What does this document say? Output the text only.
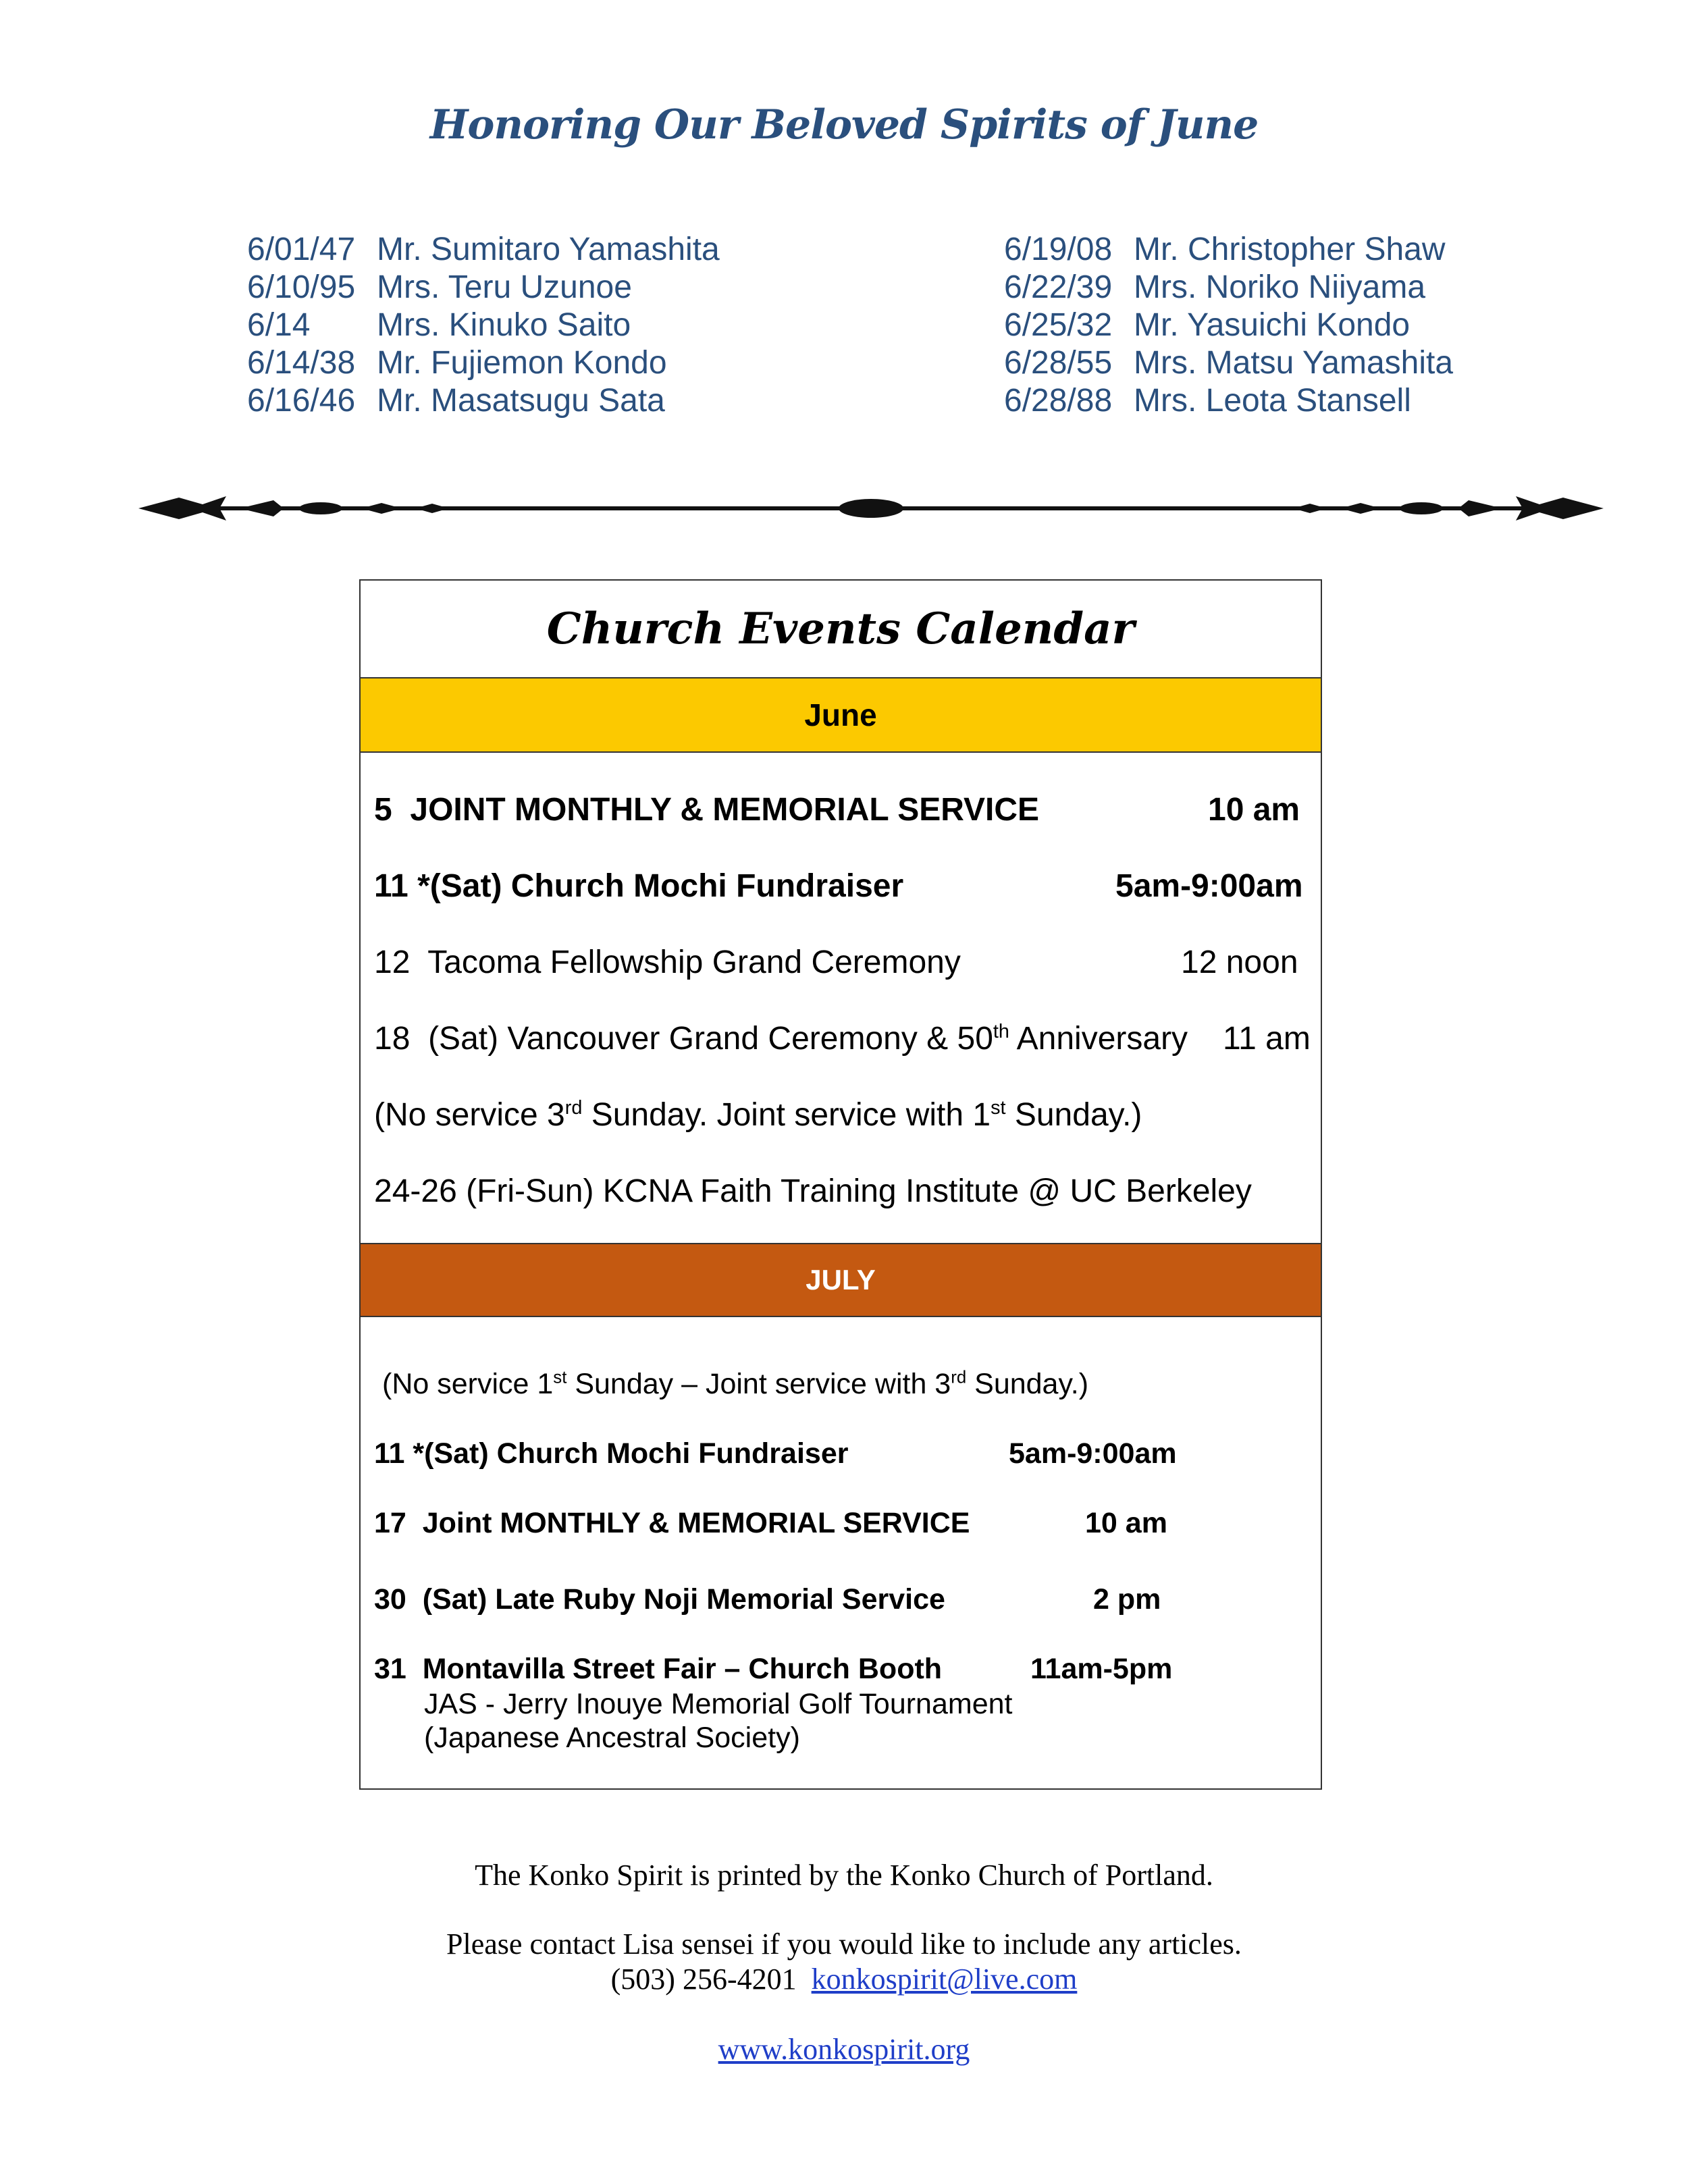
Honoring Our Beloved Spirits of June
6/01/47 Mr. Sumitaro Yamashita
6/10/95 Mrs. Teru Uzunoe
6/14	Mrs. Kinuko Saito
6/14/38 Mr. Fujiemon Kondo
6/16/46 Mr. Masatsugu Sata
6/19/08 Mr. Christopher Shaw
6/22/39 Mrs. Noriko Niiyama
6/25/32 Mr. Yasuichi Kondo
6/28/55 Mrs. Matsu Yamashita
6/28/88 Mrs. Leota Stansell
Church Events Calendar
June
5  JOINT MONTHLY & MEMORIAL SERVICE	10 am
11 *(Sat) Church Mochi Fundraiser	5am-9:00am
12  Tacoma Fellowship Grand Ceremony	12 noon
18  (Sat) Vancouver Grand Ceremony & 50th Anniversary 11 am
(No service 3rd Sunday. Joint service with 1st Sunday.)
24-26 (Fri-Sun) KCNA Faith Training Institute @ UC Berkeley
JULY
(No service 1st Sunday – Joint service with 3rd Sunday.)
11 *(Sat) Church Mochi Fundraiser	5am-9:00am
17  Joint MONTHLY & MEMORIAL SERVICE	10 am
30  (Sat) Late Ruby Noji Memorial Service	2 pm
31  Montavilla Street Fair – Church Booth	11am-5pm
JAS - Jerry Inouye Memorial Golf Tournament
(Japanese Ancestral Society)
The Konko Spirit is printed by the Konko Church of Portland.
Please contact Lisa sensei if you would like to include any articles.
(503) 256-4201 konkospirit@live.com
www.konkospirit.org
